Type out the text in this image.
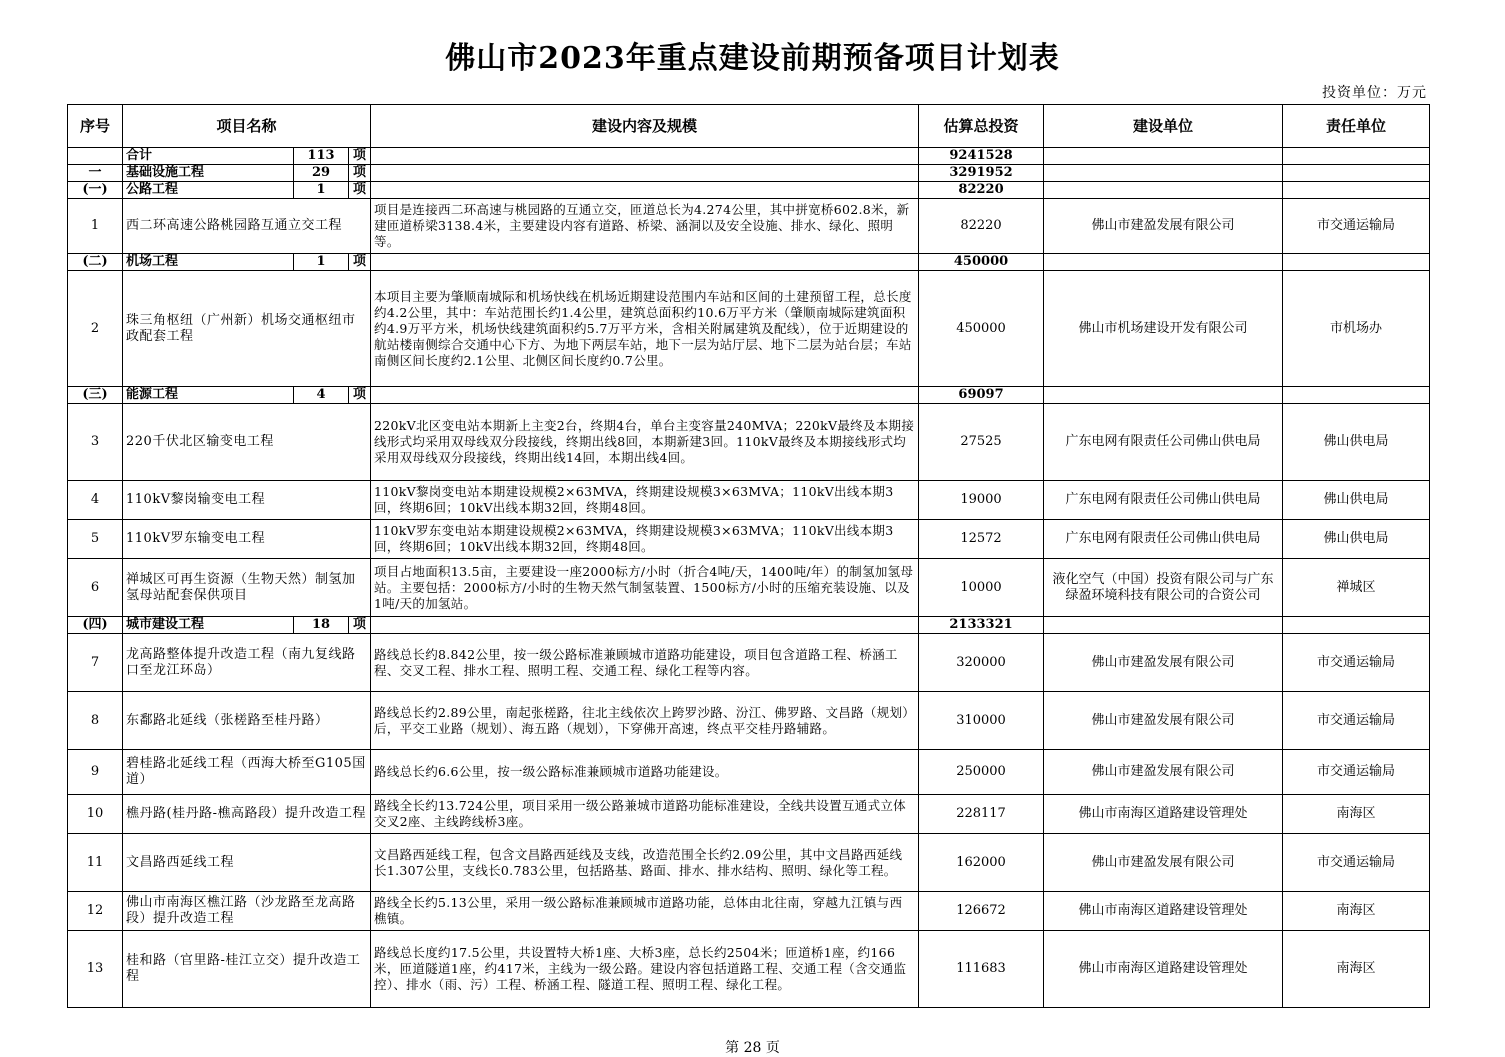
佛山市2023年重点建设前期预备项目计划表
投资单位：万元
序号	项目名称			建设内容及规模	估算总投资	建设单位	责任单位
	合计	113	项		9241528		
一	基础设施工程	29	项		3291952		
(一)	公路工程	1	项		82220		
1	西二环高速公路桃园路互通立交工程			项目是连接西二环高速与桃园路的互通立交，匝道总长为4.274公里，其中拼宽桥602.8米，新建匝道桥梁3138.4米，主要建设内容有道路、桥梁、涵洞以及安全设施、排水、绿化、照明等。	82220	佛山市建盈发展有限公司	市交通运输局
(二)	机场工程	1	项		450000		
2	珠三角枢纽（广州新）机场交通枢纽市政配套工程			本项目主要为肇顺南城际和机场快线在机场近期建设范围内车站和区间的土建预留工程，总长度约4.2公里，其中：车站范围长约1.4公里，建筑总面积约10.6万平方米（肇顺南城际建筑面积约4.9万平方米，机场快线建筑面积约5.7万平方米，含相关附属建筑及配线），位于近期建设的航站楼南侧综合交通中心下方、为地下两层车站，地下一层为站厅层、地下二层为站台层；车站南侧区间长度约2.1公里、北侧区间长度约0.7公里。	450000	佛山市机场建设开发有限公司	市机场办
(三)	能源工程	4	项		69097		
3	220千伏北区输变电工程			220kV北区变电站本期新上主变2台，终期4台，单台主变容量240MVA；220kV最终及本期接线形式均采用双母线双分段接线，终期出线8回，本期新建3回。110kV最终及本期接线形式均采用双母线双分段接线，终期出线14回，本期出线4回。	27525	广东电网有限责任公司佛山供电局	佛山供电局
4	110kV黎岗输变电工程			110kV黎岗变电站本期建设规模2×63MVA，终期建设规模3×63MVA；110kV出线本期3回，终期6回；10kV出线本期32回，终期48回。	19000	广东电网有限责任公司佛山供电局	佛山供电局
5	110kV罗东输变电工程			110kV罗东变电站本期建设规模2×63MVA，终期建设规模3×63MVA；110kV出线本期3回，终期6回；10kV出线本期32回，终期48回。	12572	广东电网有限责任公司佛山供电局	佛山供电局
6	禅城区可再生资源（生物天然）制氢加氢母站配套保供项目			项目占地面积13.5亩，主要建设一座2000标方/小时（折合4吨/天，1400吨/年）的制氢加氢母站。主要包括：2000标方/小时的生物天然气制氢装置、1500标方/小时的压缩充装设施、以及1吨/天的加氢站。	10000	液化空气（中国）投资有限公司与广东绿盈环境科技有限公司的合资公司	禅城区
(四)	城市建设工程	18	项		2133321		
7	龙高路整体提升改造工程（南九复线路口至龙江环岛）			路线总长约8.842公里，按一级公路标准兼顾城市道路功能建设，项目包含道路工程、桥涵工程、交叉工程、排水工程、照明工程、交通工程、绿化工程等内容。	320000	佛山市建盈发展有限公司	市交通运输局
8	东鄱路北延线（张槎路至桂丹路）			路线总长约2.89公里，南起张槎路，往北主线依次上跨罗沙路、汾江、佛罗路、文昌路（规划）后，平交工业路（规划）、海五路（规划），下穿佛开高速，终点平交桂丹路辅路。	310000	佛山市建盈发展有限公司	市交通运输局
9	碧桂路北延线工程（西海大桥至G105国道）			路线总长约6.6公里，按一级公路标准兼顾城市道路功能建设。	250000	佛山市建盈发展有限公司	市交通运输局
10	樵丹路(桂丹路-樵高路段）提升改造工程			路线全长约13.724公里，项目采用一级公路兼城市道路功能标准建设，全线共设置互通式立体交叉2座、主线跨线桥3座。	228117	佛山市南海区道路建设管理处	南海区
11	文昌路西延线工程			文昌路西延线工程，包含文昌路西延线及支线，改造范围全长约2.09公里，其中文昌路西延线长1.307公里，支线长0.783公里，包括路基、路面、排水、排水结构、照明、绿化等工程。	162000	佛山市建盈发展有限公司	市交通运输局
12	佛山市南海区樵江路（沙龙路至龙高路段）提升改造工程			路线全长约5.13公里，采用一级公路标准兼顾城市道路功能，总体由北往南，穿越九江镇与西樵镇。	126672	佛山市南海区道路建设管理处	南海区
13	桂和路（官里路-桂江立交）提升改造工程			路线总长度约17.5公里，共设置特大桥1座、大桥3座，总长约2504米；匝道桥1座，约166米，匝道隧道1座，约417米，主线为一级公路。建设内容包括道路工程、交通工程（含交通监控）、排水（雨、污）工程、桥涵工程、隧道工程、照明工程、绿化工程。	111683	佛山市南海区道路建设管理处	南海区
第 28 页
